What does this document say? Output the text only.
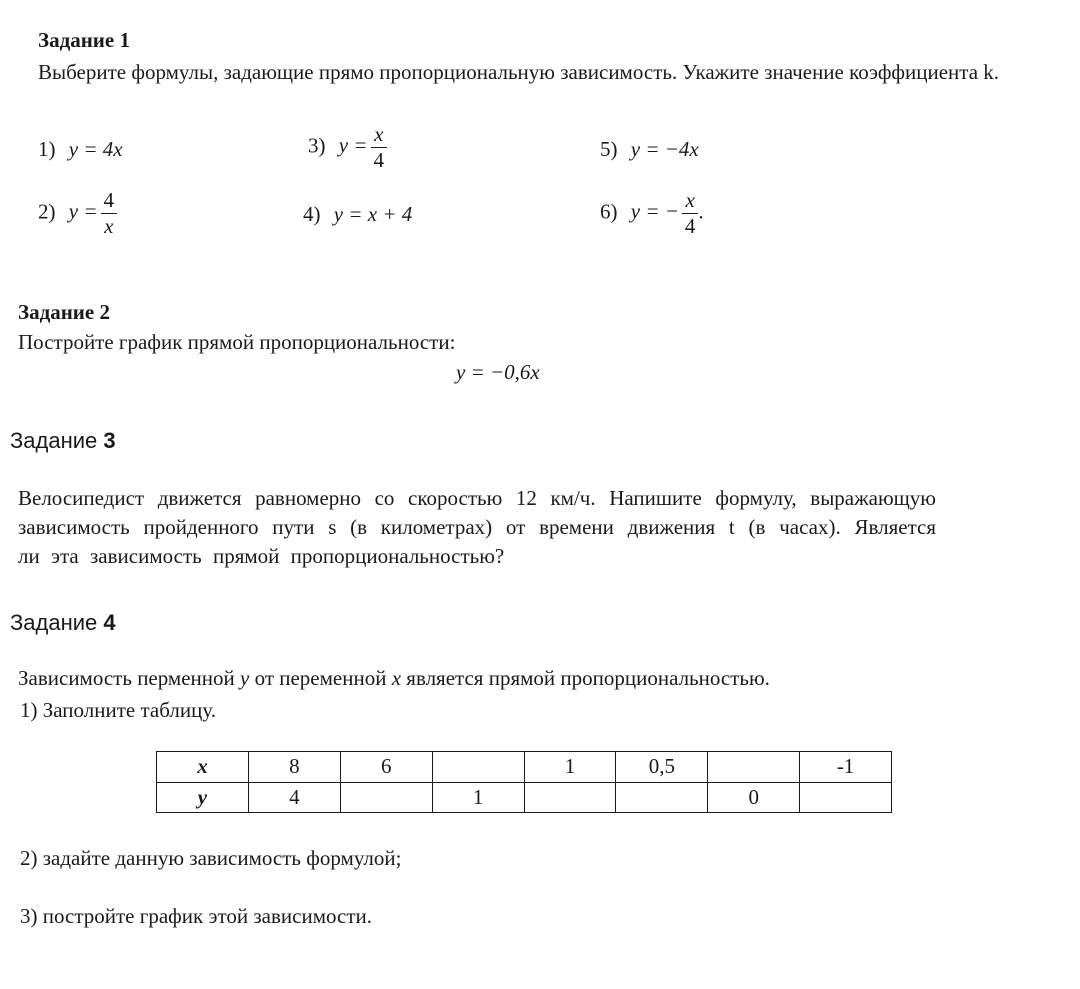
Задание 1
Выберите формулы, задающие прямо пропорциональную зависимость. Укажите значение коэффициента k.
1) y = 4x
2) $y = \frac{4}{x}$
3) $y = \frac{x}{4}$
4) y = x + 4
5) y = −4x
6) y = − $\frac{x}{4}$ .
Задание 2
Постройте график прямой пропорциональности:
y = −0,6x
Задание 3
Велосипедист движется равномерно со скоростью 12 км/ч. Напишите формулу, выражающую зависимость пройденного пути s (в километрах) от времени движения t (в часах). Является ли эта зависимость прямой пропорциональностью?
Задание 4
Зависимость перменной y от переменной x является прямой пропорциональностью.
1) Заполните таблицу.
x	8	6		1	0,5		-1
y	4		1			0	
2) задайте данную зависимость формулой;
3) постройте график этой зависимости.
